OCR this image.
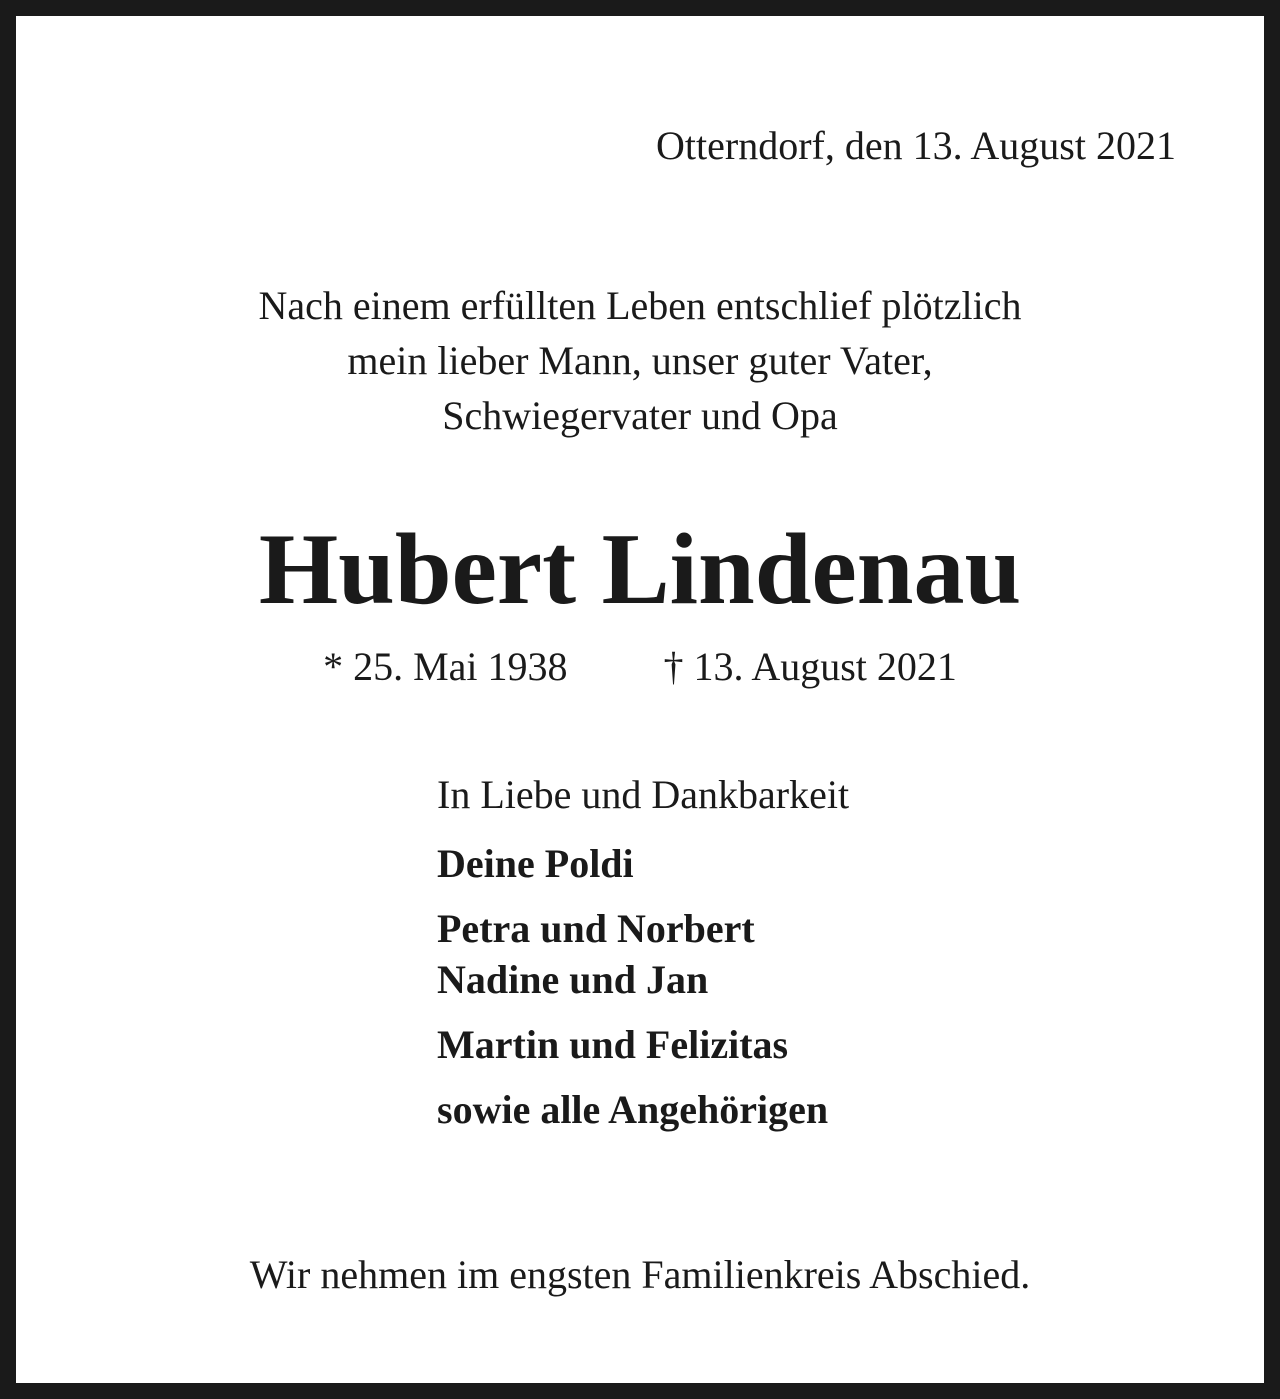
Otterndorf, den 13. August 2021
Nach einem erfüllten Leben entschlief plötzlich
mein lieber Mann, unser guter Vater,
Schwiegervater und Opa
Hubert Lindenau
* 25. Mai 1938 † 13. August 2021
In Liebe und Dankbarkeit
Deine Poldi
Petra und Norbert
Nadine und Jan
Martin und Felizitas
sowie alle Angehörigen
Wir nehmen im engsten Familienkreis Abschied.
